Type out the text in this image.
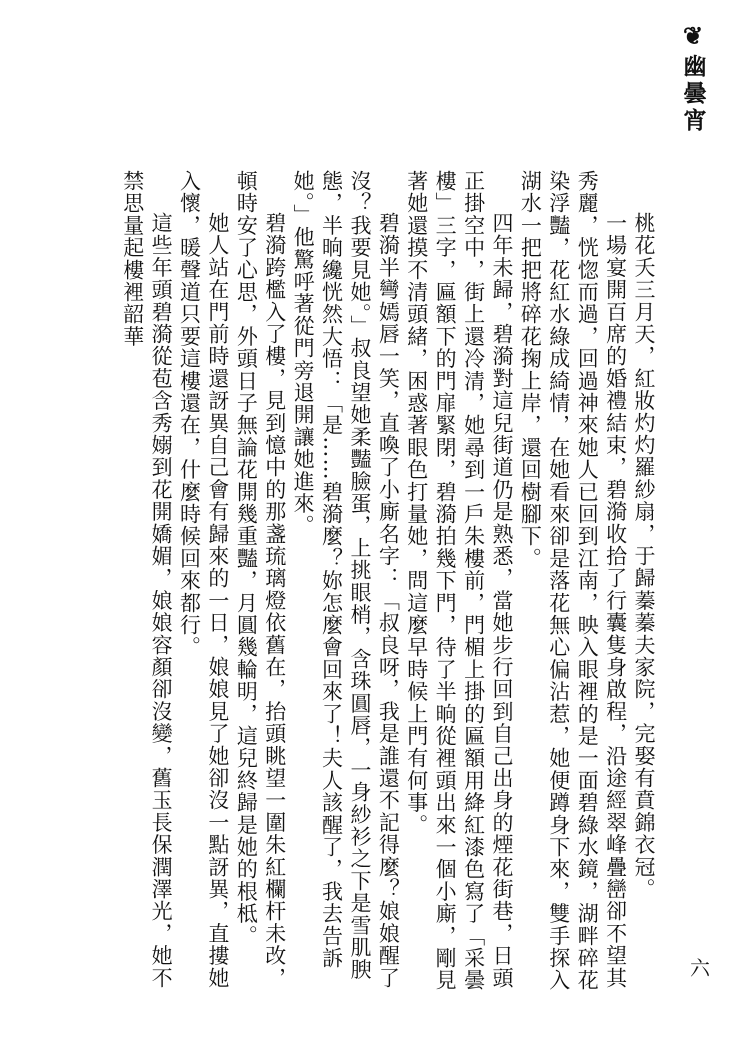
❦
幽曇宵

桃花夭三月天，紅妝灼灼羅紗扇，于歸蓁蓁夫家院，完娶有賁錦衣冠。

一場宴開百席的婚禮結束，碧漪收拾了行囊隻身啟程，沿途經翠峰疊巒卻不望其秀麗，恍惚而過，回過神來她人已回到江南，映入眼裡的是一面碧綠水鏡，湖畔碎花染浮豔，花紅水綠成綺情，在她看來卻是落花無心偏沾惹，她便蹲身下來，雙手探入湖水一把把將碎花掬上岸，還回樹腳下。

四年未歸，碧漪對這兒街道仍是熟悉，當她步行回到自己出身的煙花街巷，日頭正掛空中，街上還冷清，她尋到一戶朱樓前，門楣上掛的匾額用絳紅漆色寫了「采曇樓」三字，匾額下的門扉緊閉，碧漪拍幾下門，待了半晌從裡頭出來一個小廝，剛見著她還摸不清頭緒，困惑著眼色打量她，問這麼早時候上門有何事。

碧漪半彎嫣唇一笑，直喚了小廝名字：「叔良呀，我是誰還不記得麼？娘娘醒了沒？我要見她。」叔良望她柔豔臉蛋，上挑眼梢，含珠圓唇，一身紗衫之下是雪肌腴態，半晌纔恍然大悟：「是……碧漪麼？妳怎麼會回來了！夫人該醒了，我去告訴她。」他驚呼著從門旁退開讓她進來。

碧漪跨檻入了樓，見到憶中的那盞琉璃燈依舊在，抬頭眺望一圍朱紅欄杆未改，頓時安了心思，外頭日子無論花開幾重豔，月圓幾輪明，這兒終歸是她的根柢。

她人站在門前時還訝異自己會有歸來的一日，娘娘見了她卻沒一點訝異，直摟她入懷，暖聲道只要這樓還在，什麼時候回來都行。

這些年頭碧漪從苞含秀嫋到花開嬌媚，娘娘容顏卻沒變，舊玉長保潤澤光，她不禁思量起樓裡韶華

六
